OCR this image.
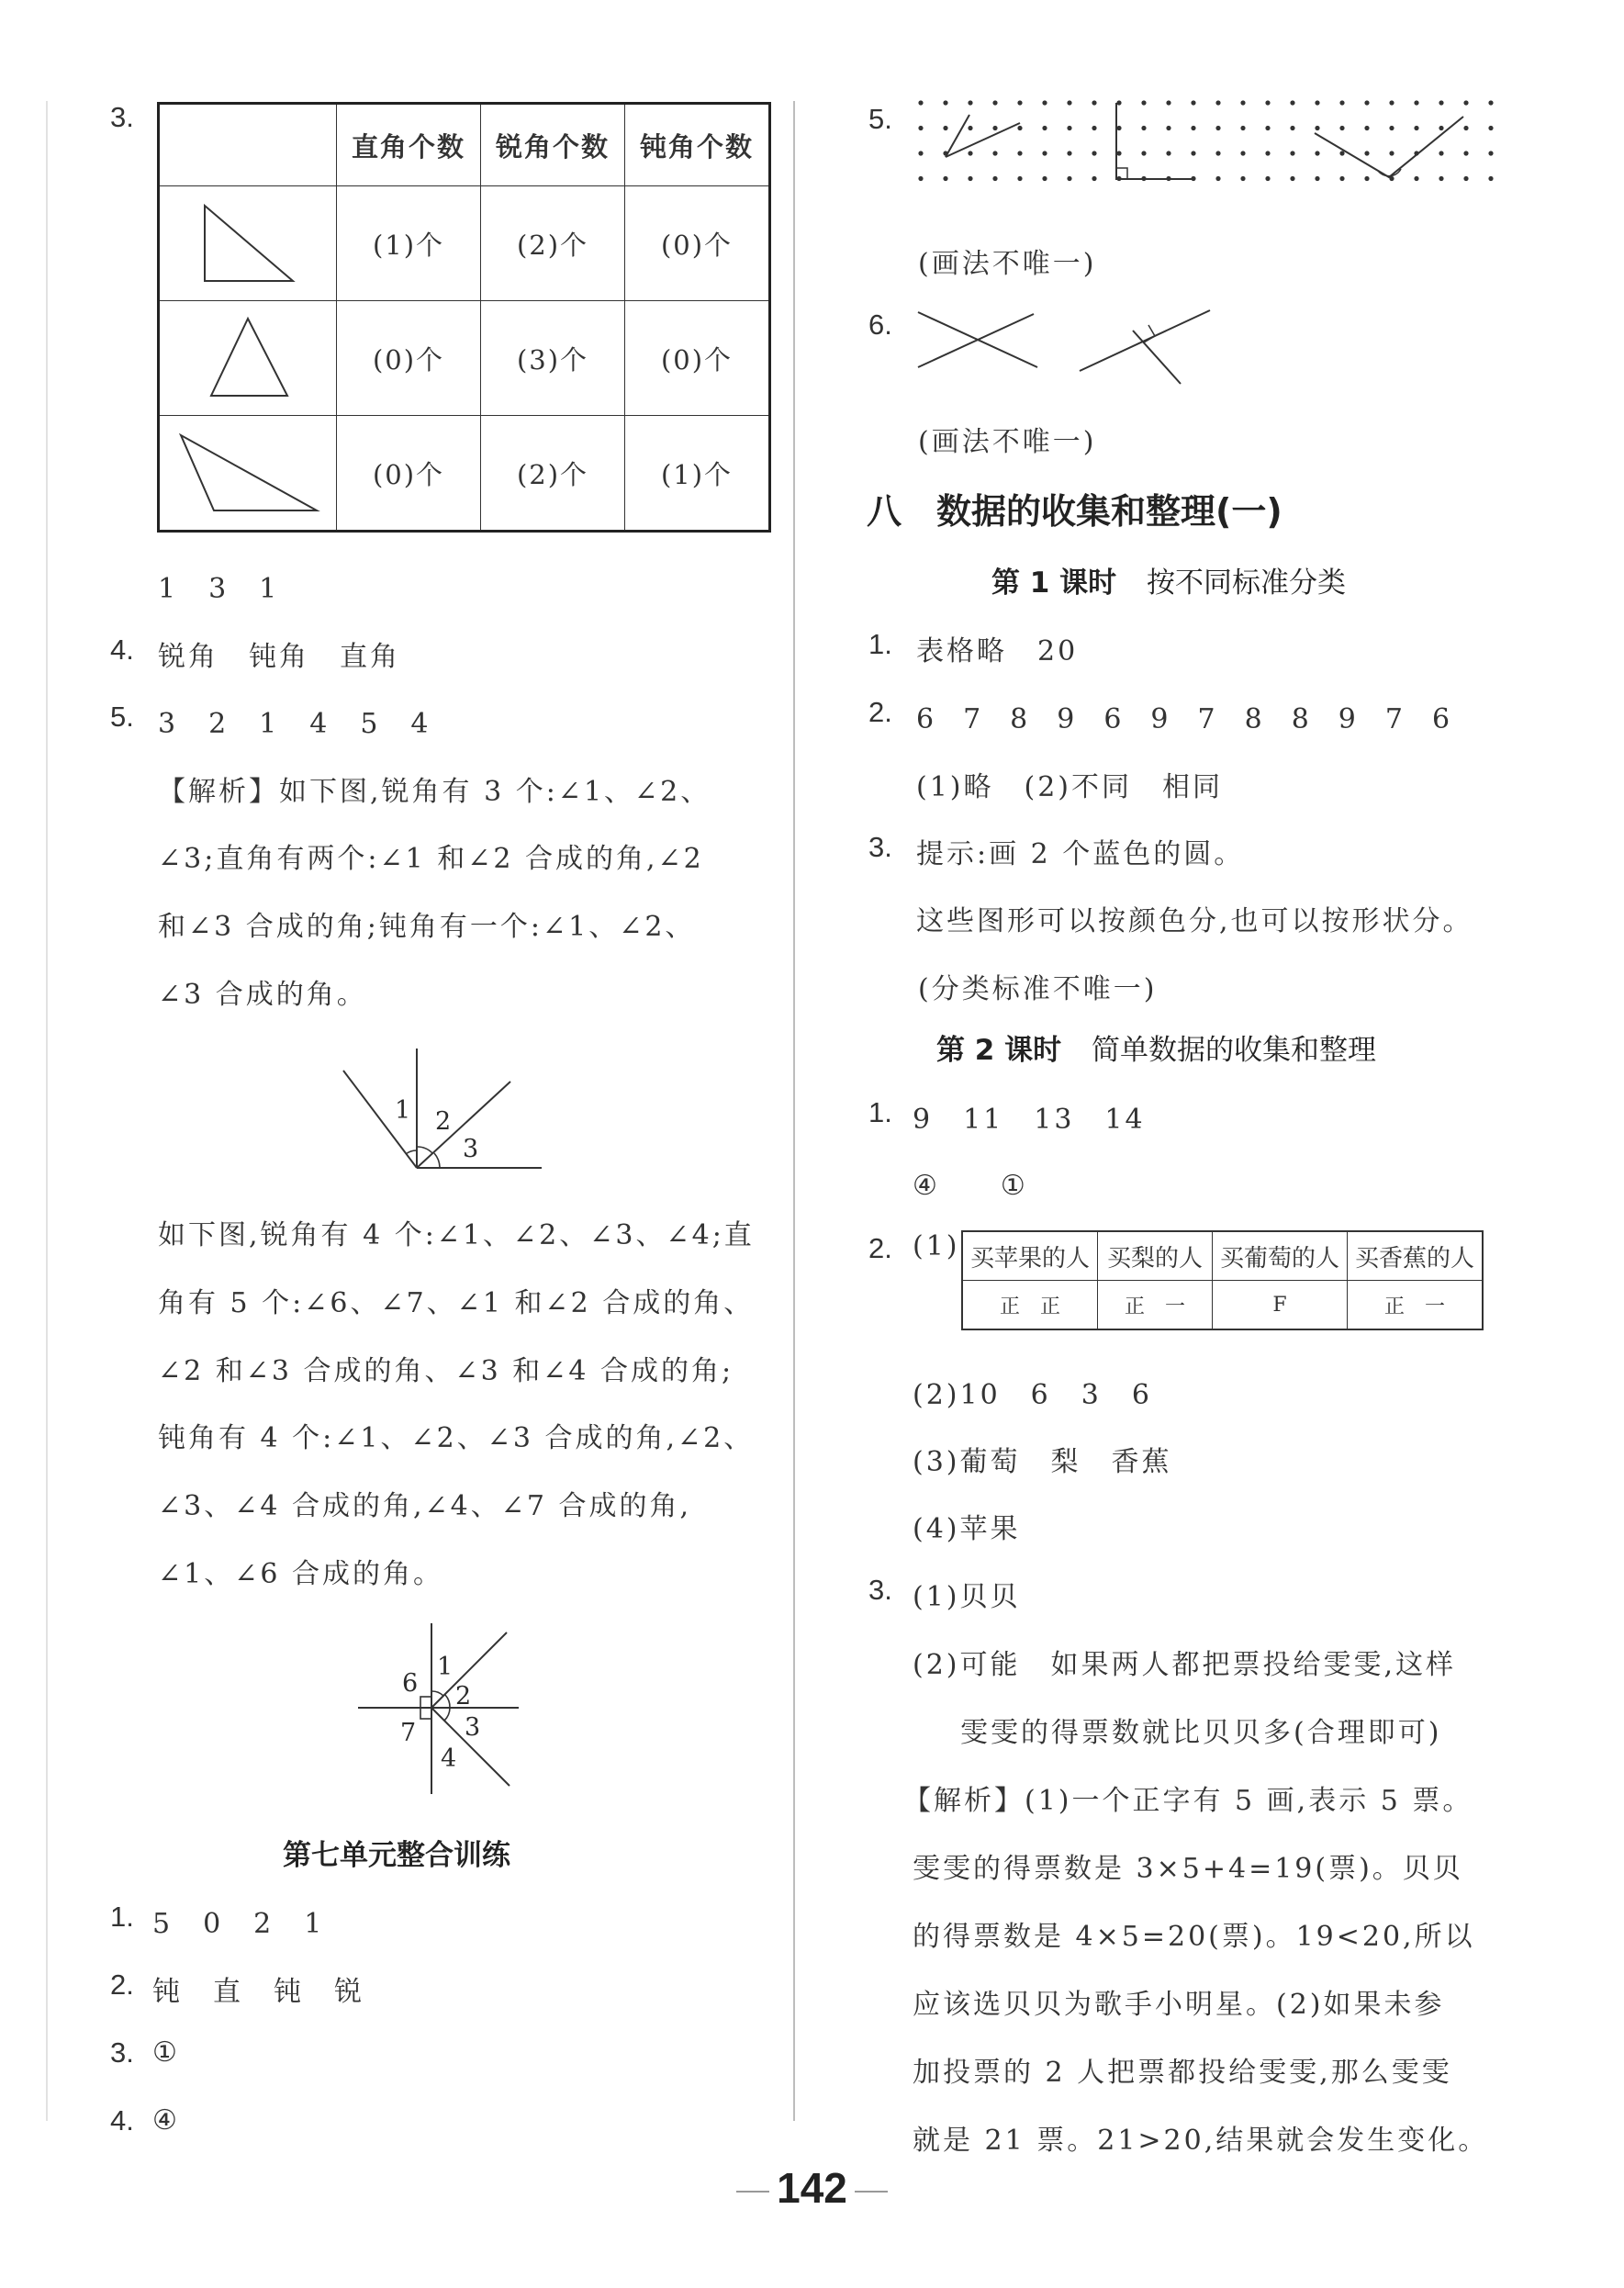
3.
	直角个数	锐角个数	钝角个数
	(1)个	(2)个	(0)个
	(0)个	(3)个	(0)个
	(0)个	(2)个	(1)个
1　3　1
4. 锐角　钝角　直角
5. 3　2　1　4　5　4
【解析】如下图,锐角有 3 个:∠1、∠2、
∠3;直角有两个:∠1 和∠2 合成的角,∠2
和∠3 合成的角;钝角有一个:∠1、∠2、
∠3 合成的角。
1 2
3
如下图,锐角有 4 个:∠1、∠2、∠3、∠4;直
角有 5 个:∠6、∠7、∠1 和∠2 合成的角、
∠2 和∠3 合成的角、∠3 和∠4 合成的角;
钝角有 4 个:∠1、∠2、∠3 合成的角,∠2、
∠3、∠4 合成的角,∠4、∠7 合成的角,
∠1、∠6 合成的角。
6
1
2
7 3
4
第七单元整合训练
1. 5　0　2　1
2. 钝　直　钝　锐
3. ①
4. ④
5.
(画法不唯一)
6.
(画法不唯一)
八　数据的收集和整理(一)
第 1 课时 按不同标准分类
1. 表格略　20
2. 6　7　8　9　6　9　7　8　8　9　7　6
(1)略　(2)不同　相同
3. 提示:画 2 个蓝色的圆。
这些图形可以按颜色分,也可以按形状分。
(分类标准不唯一)
第 2 课时 简单数据的收集和整理
1. 9　11　13　14
④　　①
2. (1) 买苹果的人	买梨的人	买葡萄的人	买香蕉的人
正　正	正　一	F	正　一
(2)10　6　3　6
(3)葡萄　梨　香蕉
(4)苹果
3. (1)贝贝
(2)可能　如果两人都把票投给雯雯,这样
雯雯的得票数就比贝贝多(合理即可)
【解析】(1)一个正字有 5 画,表示 5 票。
雯雯的得票数是 3×5+4=19(票)。贝贝
的得票数是 4×5=20(票)。19<20,所以
应该选贝贝为歌手小明星。(2)如果未参
加投票的 2 人把票都投给雯雯,那么雯雯
就是 21 票。21>20,结果就会发生变化。
142
